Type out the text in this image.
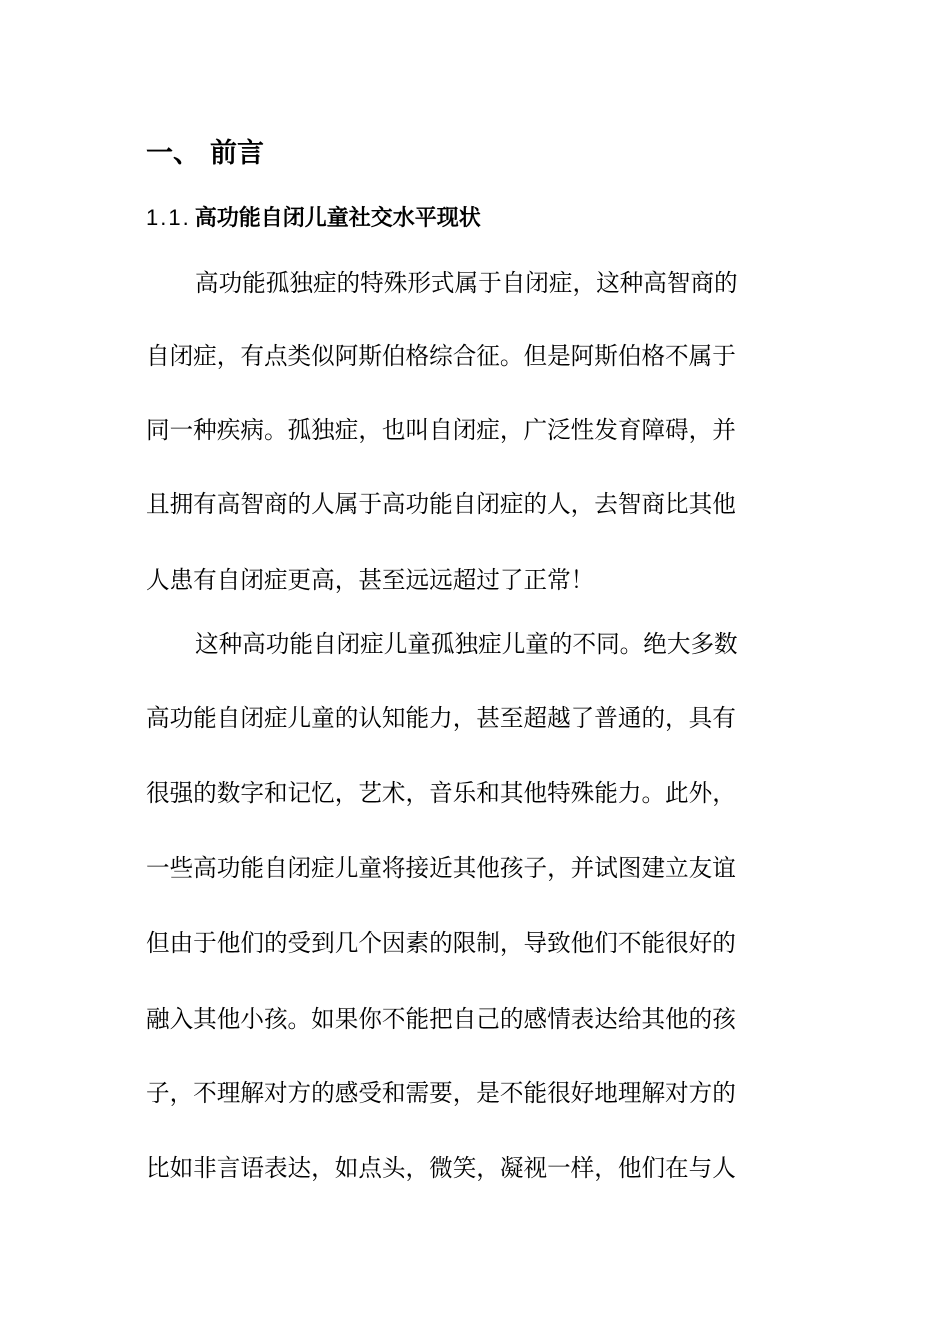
一、 前言
1.1. 高功能自闭儿童社交水平现状
高功能孤独症的特殊形式属于自闭症，这种高智商的
自闭症，有点类似阿斯伯格综合征。但是阿斯伯格不属于
同一种疾病。孤独症，也叫自闭症，广泛性发育障碍，并
且拥有高智商的人属于高功能自闭症的人，去智商比其他
人患有自闭症更高，甚至远远超过了正常！
这种高功能自闭症儿童孤独症儿童的不同。绝大多数
高功能自闭症儿童的认知能力，甚至超越了普通的，具有
很强的数字和记忆，艺术，音乐和其他特殊能力。此外，
一些高功能自闭症儿童将接近其他孩子，并试图建立友谊
但由于他们的受到几个因素的限制，导致他们不能很好的
融入其他小孩。如果你不能把自己的感情表达给其他的孩
子，不理解对方的感受和需要，是不能很好地理解对方的
比如非言语表达，如点头，微笑，凝视一样，他们在与人
